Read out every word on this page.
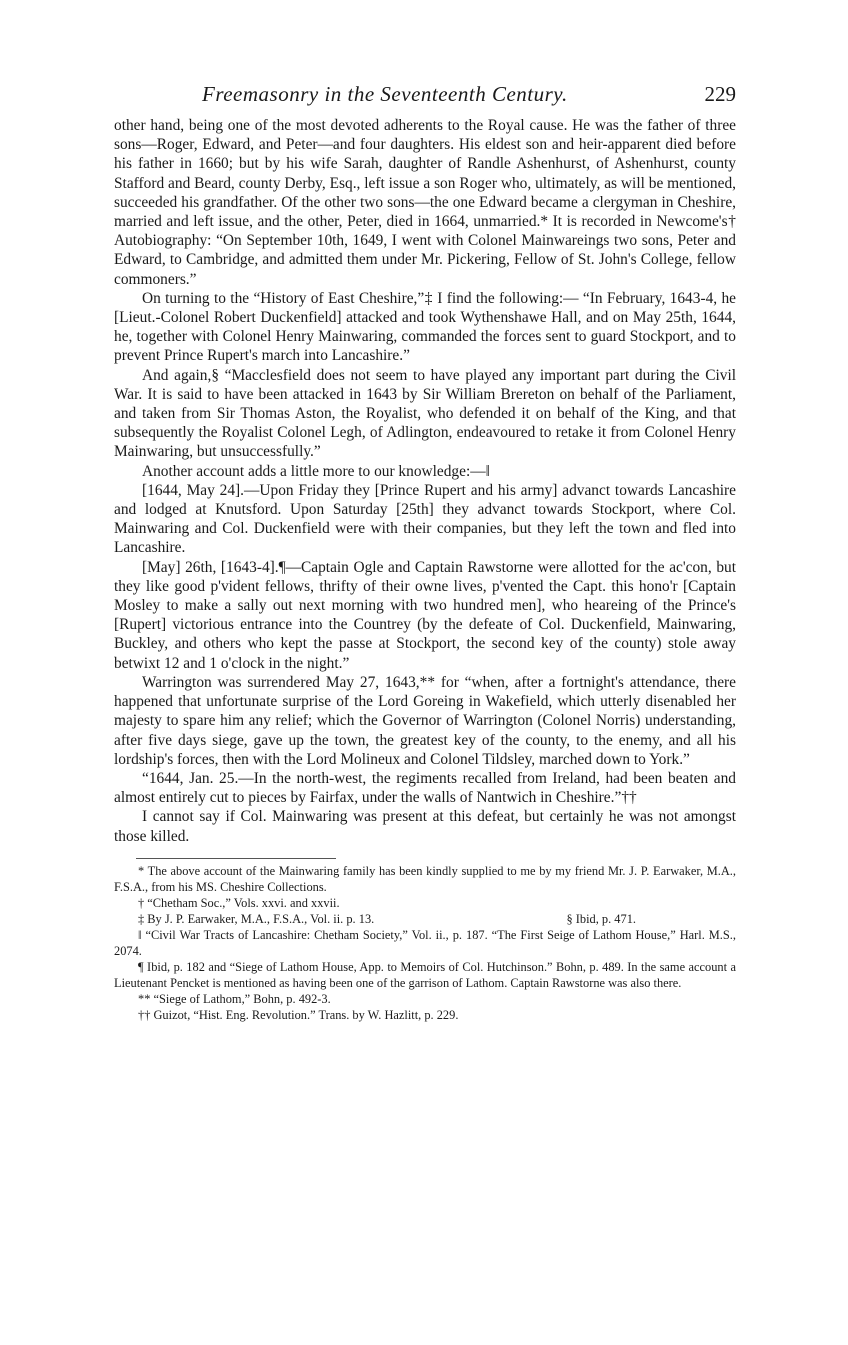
Freemasonry in the Seventeenth Century.	229

other hand, being one of the most devoted adherents to the Royal cause. He was the father of three sons—Roger, Edward, and Peter—and four daughters. His eldest son and heir-apparent died before his father in 1660; but by his wife Sarah, daughter of Randle Ashenhurst, of Ashenhurst, county Stafford and Beard, county Derby, Esq., left issue a son Roger who, ultimately, as will be mentioned, succeeded his grandfather. Of the other two sons—the one Edward became a clergyman in Cheshire, married and left issue, and the other, Peter, died in 1664, unmarried.* It is recorded in Newcome's† Autobiography: “On September 10th, 1649, I went with Colonel Mainwareings two sons, Peter and Edward, to Cambridge, and admitted them under Mr. Pickering, Fellow of St. John's College, fellow commoners.”

On turning to the “History of East Cheshire,”‡ I find the following:— “In February, 1643-4, he [Lieut.-Colonel Robert Duckenfield] attacked and took Wythenshawe Hall, and on May 25th, 1644, he, together with Colonel Henry Mainwaring, commanded the forces sent to guard Stockport, and to prevent Prince Rupert's march into Lancashire.”

And again,§ “Macclesfield does not seem to have played any important part during the Civil War. It is said to have been attacked in 1643 by Sir William Brereton on behalf of the Parliament, and taken from Sir Thomas Aston, the Royalist, who defended it on behalf of the King, and that subsequently the Royalist Colonel Legh, of Adlington, endeavoured to retake it from Colonel Henry Mainwaring, but unsuccessfully.”

Another account adds a little more to our knowledge:—‖

[1644, May 24].—Upon Friday they [Prince Rupert and his army] advanct towards Lancashire and lodged at Knutsford. Upon Saturday [25th] they advanct towards Stockport, where Col. Mainwaring and Col. Duckenfield were with their companies, but they left the town and fled into Lancashire.

[May] 26th, [1643-4].¶—Captain Ogle and Captain Rawstorne were allotted for the ac'con, but they like good p'vident fellows, thrifty of their owne lives, p'vented the Capt. this hono'r [Captain Mosley to make a sally out next morning with two hundred men], who heareing of the Prince's [Rupert] victorious entrance into the Countrey (by the defeate of Col. Duckenfield, Mainwaring, Buckley, and others who kept the passe at Stockport, the second key of the county) stole away betwixt 12 and 1 o'clock in the night.”

Warrington was surrendered May 27, 1643,** for “when, after a fortnight's attendance, there happened that unfortunate surprise of the Lord Goreing in Wakefield, which utterly disenabled her majesty to spare him any relief; which the Governor of Warrington (Colonel Norris) understanding, after five days siege, gave up the town, the greatest key of the county, to the enemy, and all his lordship's forces, then with the Lord Molineux and Colonel Tildsley, marched down to York.”

“1644, Jan. 25.—In the north-west, the regiments recalled from Ireland, had been beaten and almost entirely cut to pieces by Fairfax, under the walls of Nantwich in Cheshire.”††

I cannot say if Col. Mainwaring was present at this defeat, but certainly he was not amongst those killed.

* The above account of the Mainwaring family has been kindly supplied to me by my friend Mr. J. P. Earwaker, M.A., F.S.A., from his MS. Cheshire Collections.

† “Chetham Soc.,” Vols. xxvi. and xxvii.

‡ By J. P. Earwaker, M.A., F.S.A., Vol. ii. p. 13.	§ Ibid, p. 471.

‖ “Civil War Tracts of Lancashire: Chetham Society,” Vol. ii., p. 187. “The First Seige of Lathom House,” Harl. M.S., 2074.

¶ Ibid, p. 182 and “Siege of Lathom House, App. to Memoirs of Col. Hutchinson.” Bohn, p. 489. In the same account a Lieutenant Pencket is mentioned as having been one of the garrison of Lathom. Captain Rawstorne was also there.

** “Siege of Lathom,” Bohn, p. 492-3.

†† Guizot, “Hist. Eng. Revolution.” Trans. by W. Hazlitt, p. 229.
